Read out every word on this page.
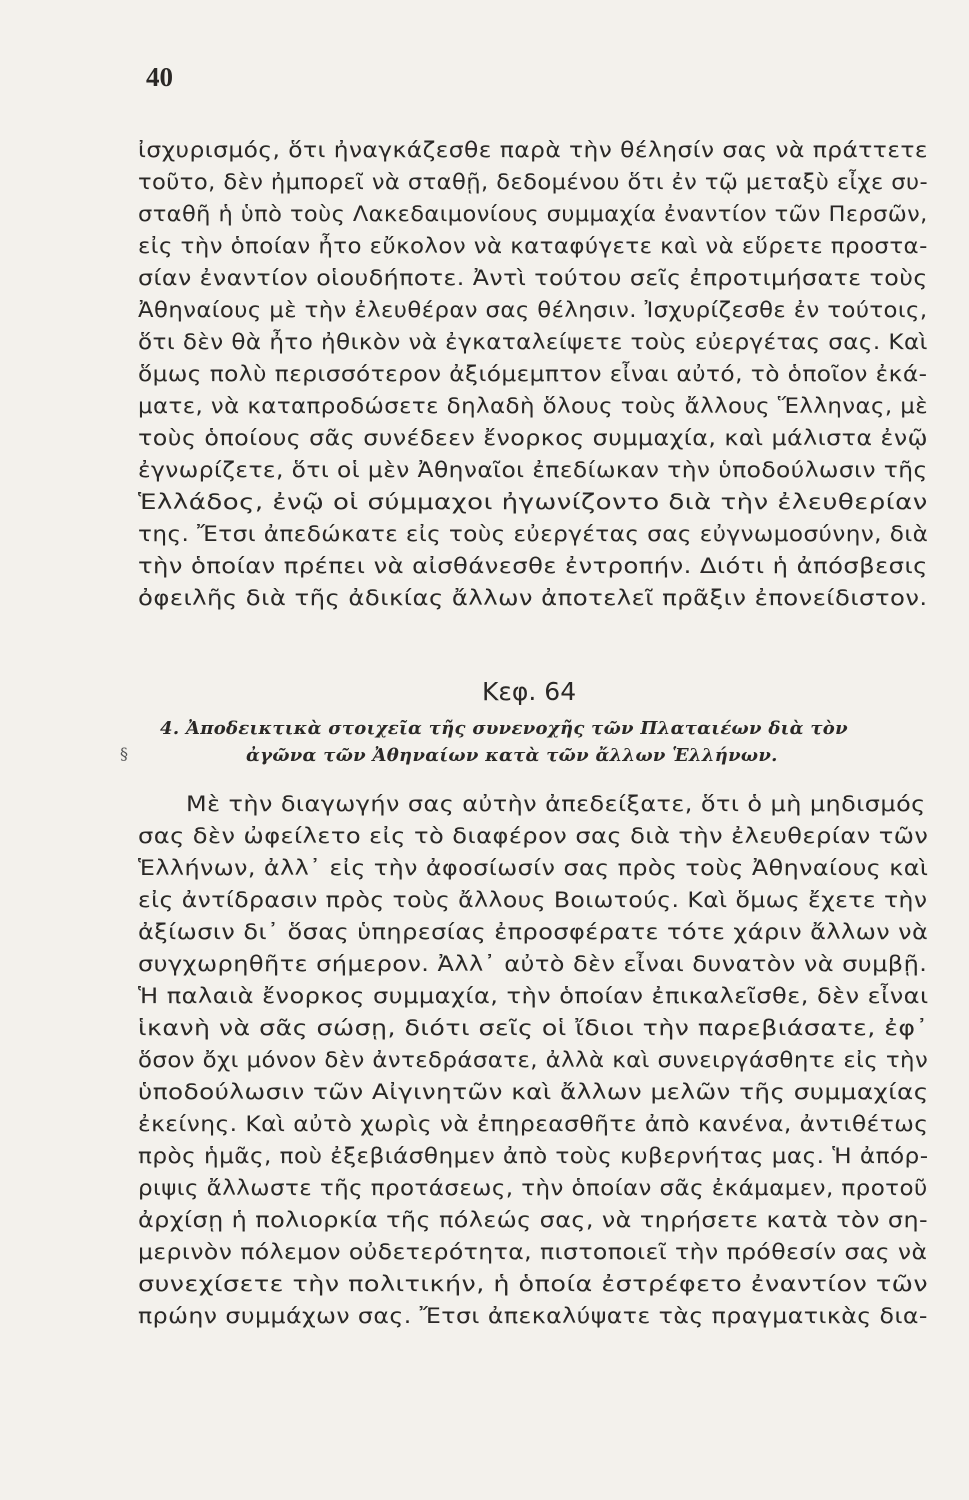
40
ἰσχυρισμός, ὅτι ἠναγκάζεσθε παρὰ τὴν θέλησίν σας νὰ πράττετε
τοῦτο, δὲν ἠμπορεῖ νὰ σταθῇ, δεδομένου ὅτι ἐν τῷ μεταξὺ εἶχε συ-
σταθῆ ἡ ὑπὸ τοὺς Λακεδαιμονίους συμμαχία ἐναντίον τῶν Περσῶν,
εἰς τὴν ὁποίαν ἦτο εὔκολον νὰ καταφύγετε καὶ νὰ εὕρετε προστα-
σίαν ἐναντίον οἱουδήποτε. Ἀντὶ τούτου σεῖς ἐπροτιμήσατε τοὺς
Ἀθηναίους μὲ τὴν ἐλευθέραν σας θέλησιν. Ἰσχυρίζεσθε ἐν τούτοις,
ὅτι δὲν θὰ ἦτο ἠθικὸν νὰ ἐγκαταλείψετε τοὺς εὐεργέτας σας. Καὶ
ὅμως πολὺ περισσότερον ἀξιόμεμπτον εἶναι αὐτό, τὸ ὁποῖον ἐκά-
ματε, νὰ καταπροδώσετε δηλαδὴ ὅλους τοὺς ἄλλους Ἕλληνας, μὲ
τοὺς ὁποίους σᾶς συνέδεεν ἔνορκος συμμαχία, καὶ μάλιστα ἐνῷ
ἐγνωρίζετε, ὅτι οἱ μὲν Ἀθηναῖοι ἐπεδίωκαν τὴν ὑποδούλωσιν τῆς
Ἑλλάδος, ἐνῷ οἱ σύμμαχοι ἠγωνίζοντο διὰ τὴν ἐλευθερίαν
της. Ἔτσι ἀπεδώκατε εἰς τοὺς εὐεργέτας σας εὐγνωμοσύνην, διὰ
τὴν ὁποίαν πρέπει νὰ αἰσθάνεσθε ἐντροπήν. Διότι ἡ ἀπόσβεσις
ὀφειλῆς διὰ τῆς ἀδικίας ἄλλων ἀποτελεῖ πρᾶξιν ἐπονείδιστον.
Κεφ. 64
§
4. Ἀποδεικτικὰ στοιχεῖα τῆς συνενοχῆς τῶν Πλαταιέων διὰ τὸν
ἀγῶνα τῶν Ἀθηναίων κατὰ τῶν ἄλλων Ἑλλήνων.
Μὲ τὴν διαγωγήν σας αὐτὴν ἀπεδείξατε, ὅτι ὁ μὴ μηδισμός
σας δὲν ὠφείλετο εἰς τὸ διαφέρον σας διὰ τὴν ἐλευθερίαν τῶν
Ἑλλήνων, ἀλλ᾽ εἰς τὴν ἀφοσίωσίν σας πρὸς τοὺς Ἀθηναίους καὶ
εἰς ἀντίδρασιν πρὸς τοὺς ἄλλους Βοιωτούς. Καὶ ὅμως ἔχετε τὴν
ἀξίωσιν δι᾽ ὅσας ὑπηρεσίας ἐπροσφέρατε τότε χάριν ἄλλων νὰ
συγχωρηθῆτε σήμερον. Ἀλλ᾽ αὐτὸ δὲν εἶναι δυνατὸν νὰ συμβῇ.
Ἡ παλαιὰ ἔνορκος συμμαχία, τὴν ὁποίαν ἐπικαλεῖσθε, δὲν εἶναι
ἱκανὴ νὰ σᾶς σώσῃ, διότι σεῖς οἱ ἴδιοι τὴν παρεβιάσατε, ἐφ᾽
ὅσον ὄχι μόνον δὲν ἀντεδράσατε, ἀλλὰ καὶ συνειργάσθητε εἰς τὴν
ὑποδούλωσιν τῶν Αἰγινητῶν καὶ ἄλλων μελῶν τῆς συμμαχίας
ἐκείνης. Καὶ αὐτὸ χωρὶς νὰ ἐπηρεασθῆτε ἀπὸ κανένα, ἀντιθέτως
πρὸς ἡμᾶς, ποὺ ἐξεβιάσθημεν ἀπὸ τοὺς κυβερνήτας μας. Ἡ ἀπόρ-
ριψις ἄλλωστε τῆς προτάσεως, τὴν ὁποίαν σᾶς ἐκάμαμεν, προτοῦ
ἀρχίσῃ ἡ πολιορκία τῆς πόλεώς σας, νὰ τηρήσετε κατὰ τὸν ση-
μερινὸν πόλεμον οὐδετερότητα, πιστοποιεῖ τὴν πρόθεσίν σας νὰ
συνεχίσετε τὴν πολιτικήν, ἡ ὁποία ἐστρέφετο ἐναντίον τῶν
πρώην συμμάχων σας. Ἔτσι ἀπεκαλύψατε τὰς πραγματικὰς δια-
